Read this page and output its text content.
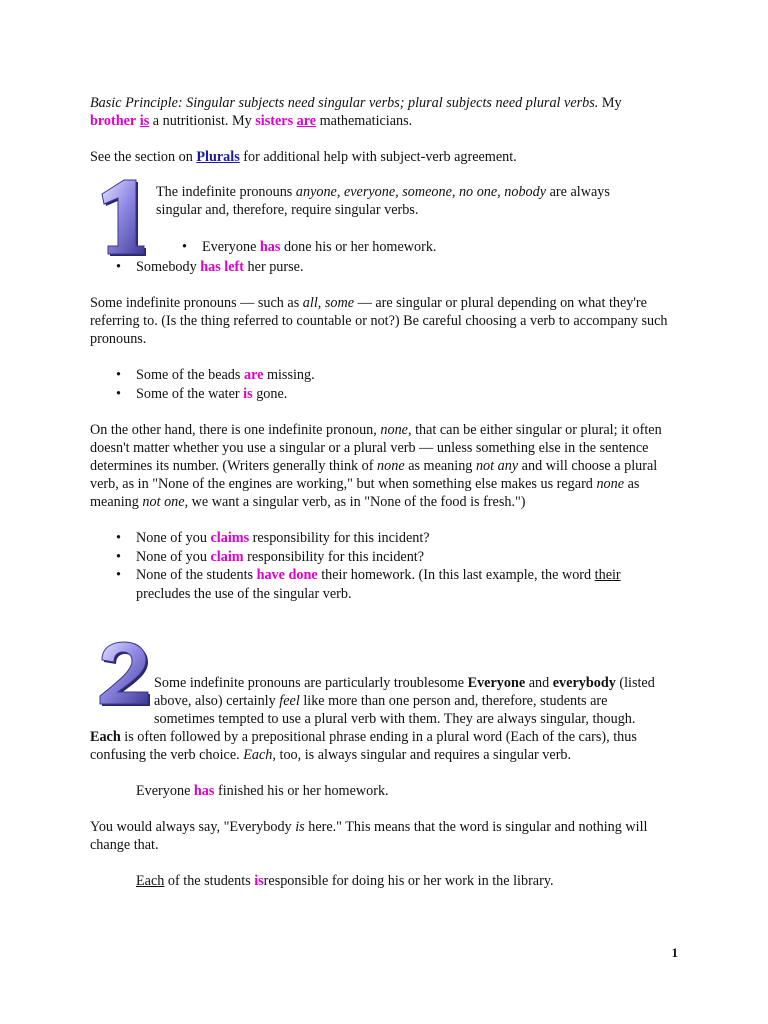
Basic Principle: Singular subjects need singular verbs; plural subjects need plural verbs. My brother is a nutritionist. My sisters are mathematicians.

See the section on Plurals for additional help with subject-verb agreement.

The indefinite pronouns anyone, everyone, someone, no one, nobody are always singular and, therefore, require singular verbs.

• Everyone has done his or her homework.
• Somebody has left her purse.

Some indefinite pronouns — such as all, some — are singular or plural depending on what they're referring to. (Is the thing referred to countable or not?) Be careful choosing a verb to accompany such pronouns.

• Some of the beads are missing.
• Some of the water is gone.

On the other hand, there is one indefinite pronoun, none, that can be either singular or plural; it often doesn't matter whether you use a singular or a plural verb — unless something else in the sentence determines its number. (Writers generally think of none as meaning not any and will choose a plural verb, as in "None of the engines are working," but when something else makes us regard none as meaning not one, we want a singular verb, as in "None of the food is fresh.")

• None of you claims responsibility for this incident?
• None of you claim responsibility for this incident?
• None of the students have done their homework. (In this last example, the word their precludes the use of the singular verb.

Some indefinite pronouns are particularly troublesome Everyone and everybody (listed above, also) certainly feel like more than one person and, therefore, students are sometimes tempted to use a plural verb with them. They are always singular, though. Each is often followed by a prepositional phrase ending in a plural word (Each of the cars), thus confusing the verb choice. Each, too, is always singular and requires a singular verb.

Everyone has finished his or her homework.

You would always say, "Everybody is here." This means that the word is singular and nothing will change that.

Each of the students isresponsible for doing his or her work in the library.

1
